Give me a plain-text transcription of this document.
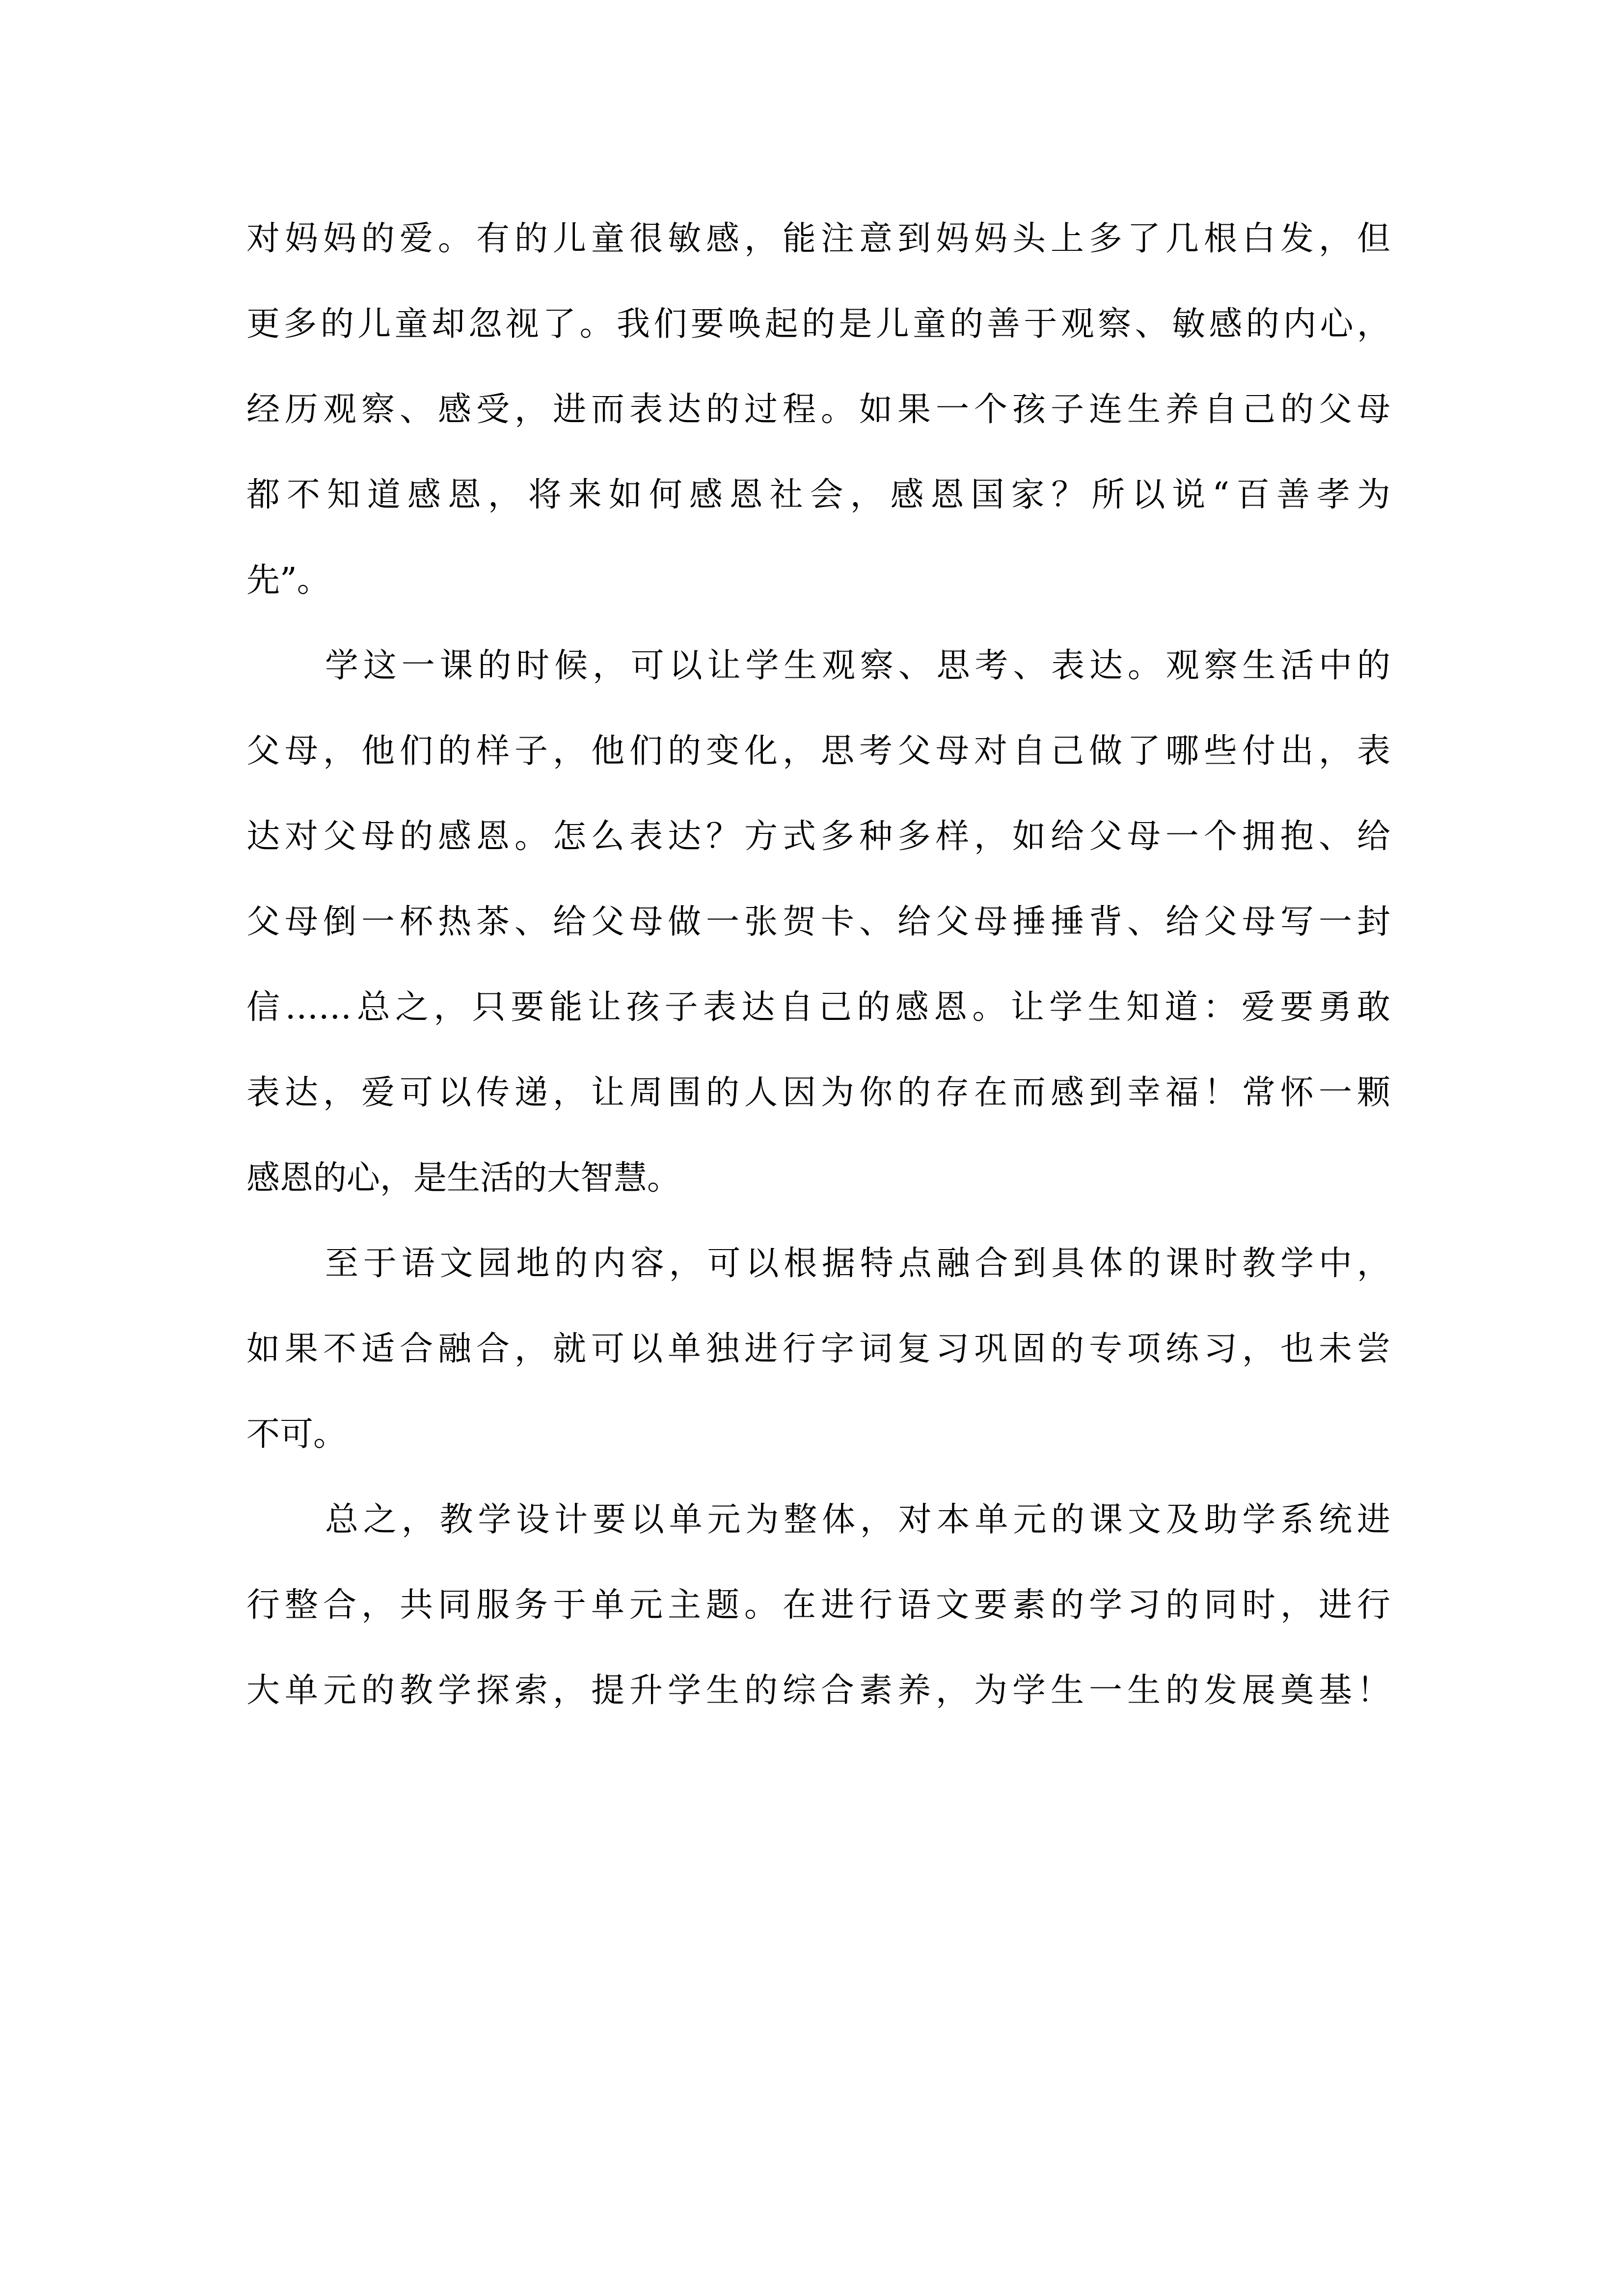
对妈妈的爱。有的儿童很敏感，能注意到妈妈头上多了几根白发，但
更多的儿童却忽视了。我们要唤起的是儿童的善于观察、敏感的内心，
经历观察、感受，进而表达的过程。如果一个孩子连生养自己的父母
都不知道感恩，将来如何感恩社会，感恩国家？所以说“百善孝为
先”。

学这一课的时候，可以让学生观察、思考、表达。观察生活中的
父母，他们的样子，他们的变化，思考父母对自己做了哪些付出，表
达对父母的感恩。怎么表达？方式多种多样，如给父母一个拥抱、给
父母倒一杯热茶、给父母做一张贺卡、给父母捶捶背、给父母写一封
信……总之，只要能让孩子表达自己的感恩。让学生知道：爱要勇敢
表达，爱可以传递，让周围的人因为你的存在而感到幸福！常怀一颗
感恩的心，是生活的大智慧。

至于语文园地的内容，可以根据特点融合到具体的课时教学中，
如果不适合融合，就可以单独进行字词复习巩固的专项练习，也未尝
不可。

总之，教学设计要以单元为整体，对本单元的课文及助学系统进
行整合，共同服务于单元主题。在进行语文要素的学习的同时，进行
大单元的教学探索，提升学生的综合素养，为学生一生的发展奠基！
